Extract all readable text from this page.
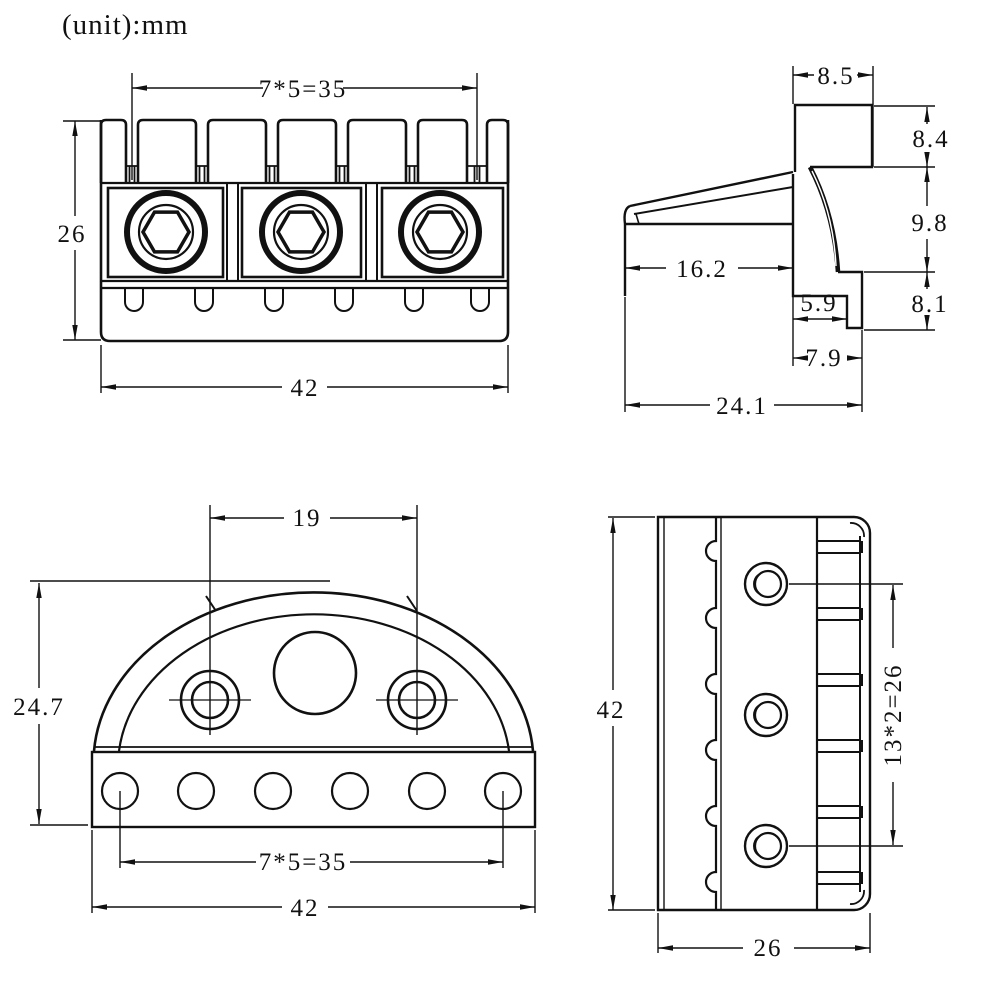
(unit):mm
7*5=35
26
42
8.5
8.4
9.8
8.1
16.2
5.9
7.9
24.1
19
24.7
7*5=35
42
42	13*2=26
26
